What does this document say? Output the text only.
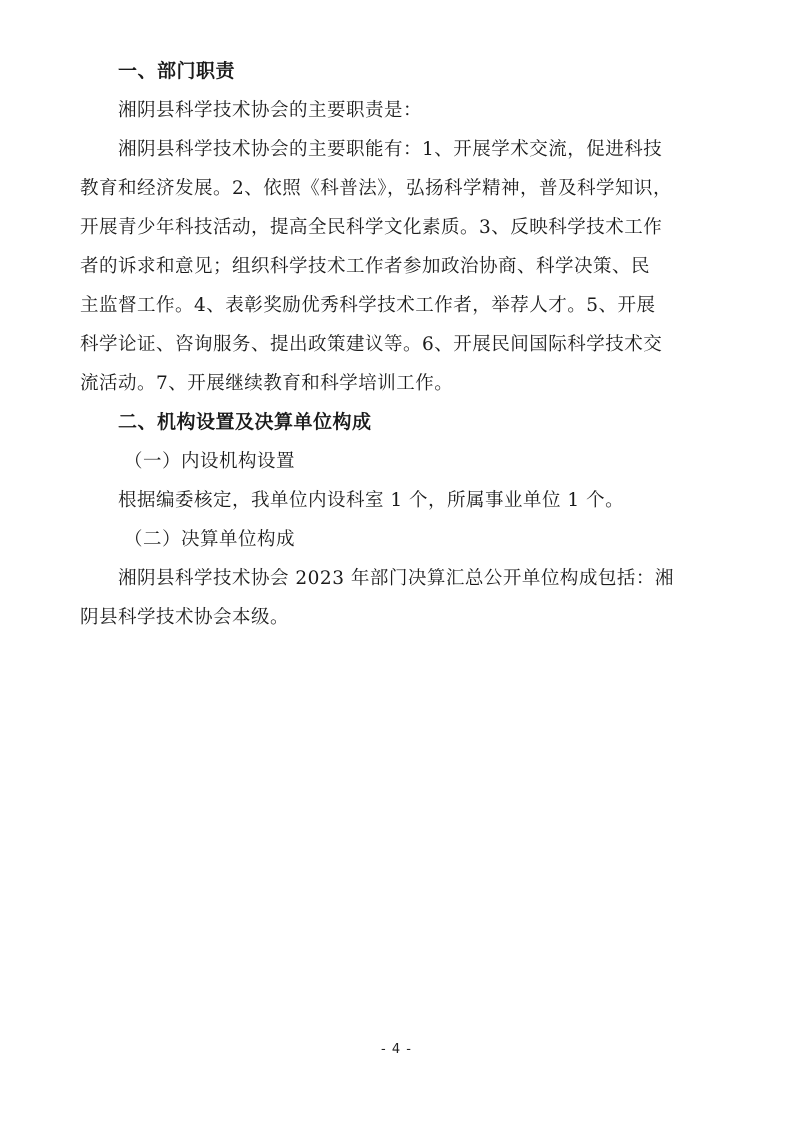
一、部门职责

湘阴县科学技术协会的主要职责是：

湘阴县科学技术协会的主要职能有：1、开展学术交流，促进科技
教育和经济发展。2、依照《科普法》，弘扬科学精神，普及科学知识，
开展青少年科技活动，提高全民科学文化素质。3、反映科学技术工作
者的诉求和意见；组织科学技术工作者参加政治协商、科学决策、民
主监督工作。4、表彰奖励优秀科学技术工作者，举荐人才。5、开展
科学论证、咨询服务、提出政策建议等。6、开展民间国际科学技术交
流活动。7、开展继续教育和科学培训工作。

二、机构设置及决算单位构成

（一）内设机构设置

根据编委核定，我单位内设科室 1 个，所属事业单位 1 个。

（二）决算单位构成

湘阴县科学技术协会 2023 年部门决算汇总公开单位构成包括：湘
阴县科学技术协会本级。

- 4 -
